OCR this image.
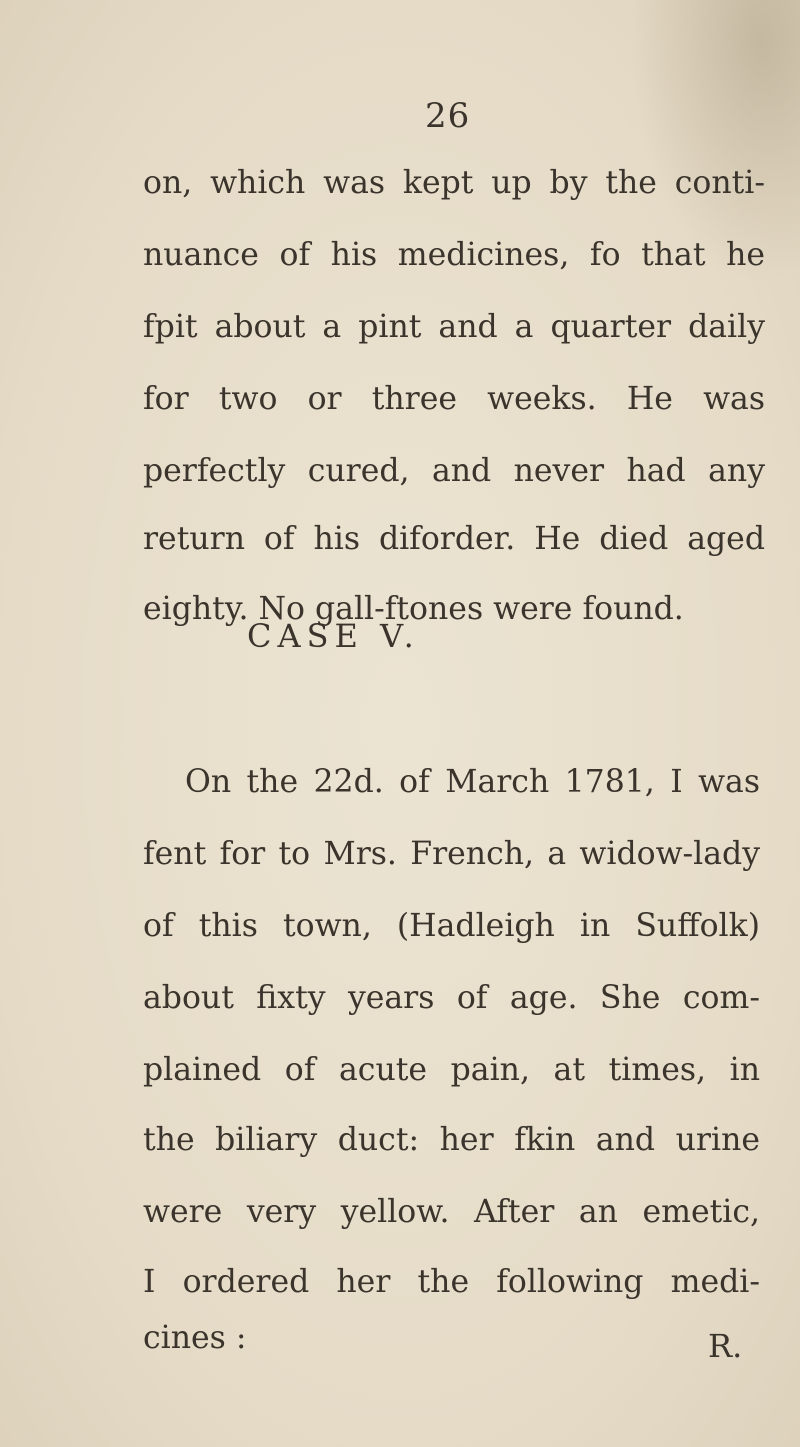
26
on, which was kept up by the conti-
nuance of his medicines, fo that he
fpit about a pint and a quarter daily
for two or three weeks. He was
perfectly cured, and never had any
return of his diforder. He died aged
eighty. No gall-ftones were found.
CASE V.
On the 22d. of March 1781, I was
fent for to Mrs. French, a widow-lady
of this town, (Hadleigh in Suffolk)
about fixty years of age. She com-
plained of acute pain, at times, in
the biliary duct: her fkin and urine
were very yellow. After an emetic,
I ordered her the following medi-
cines :	R.
